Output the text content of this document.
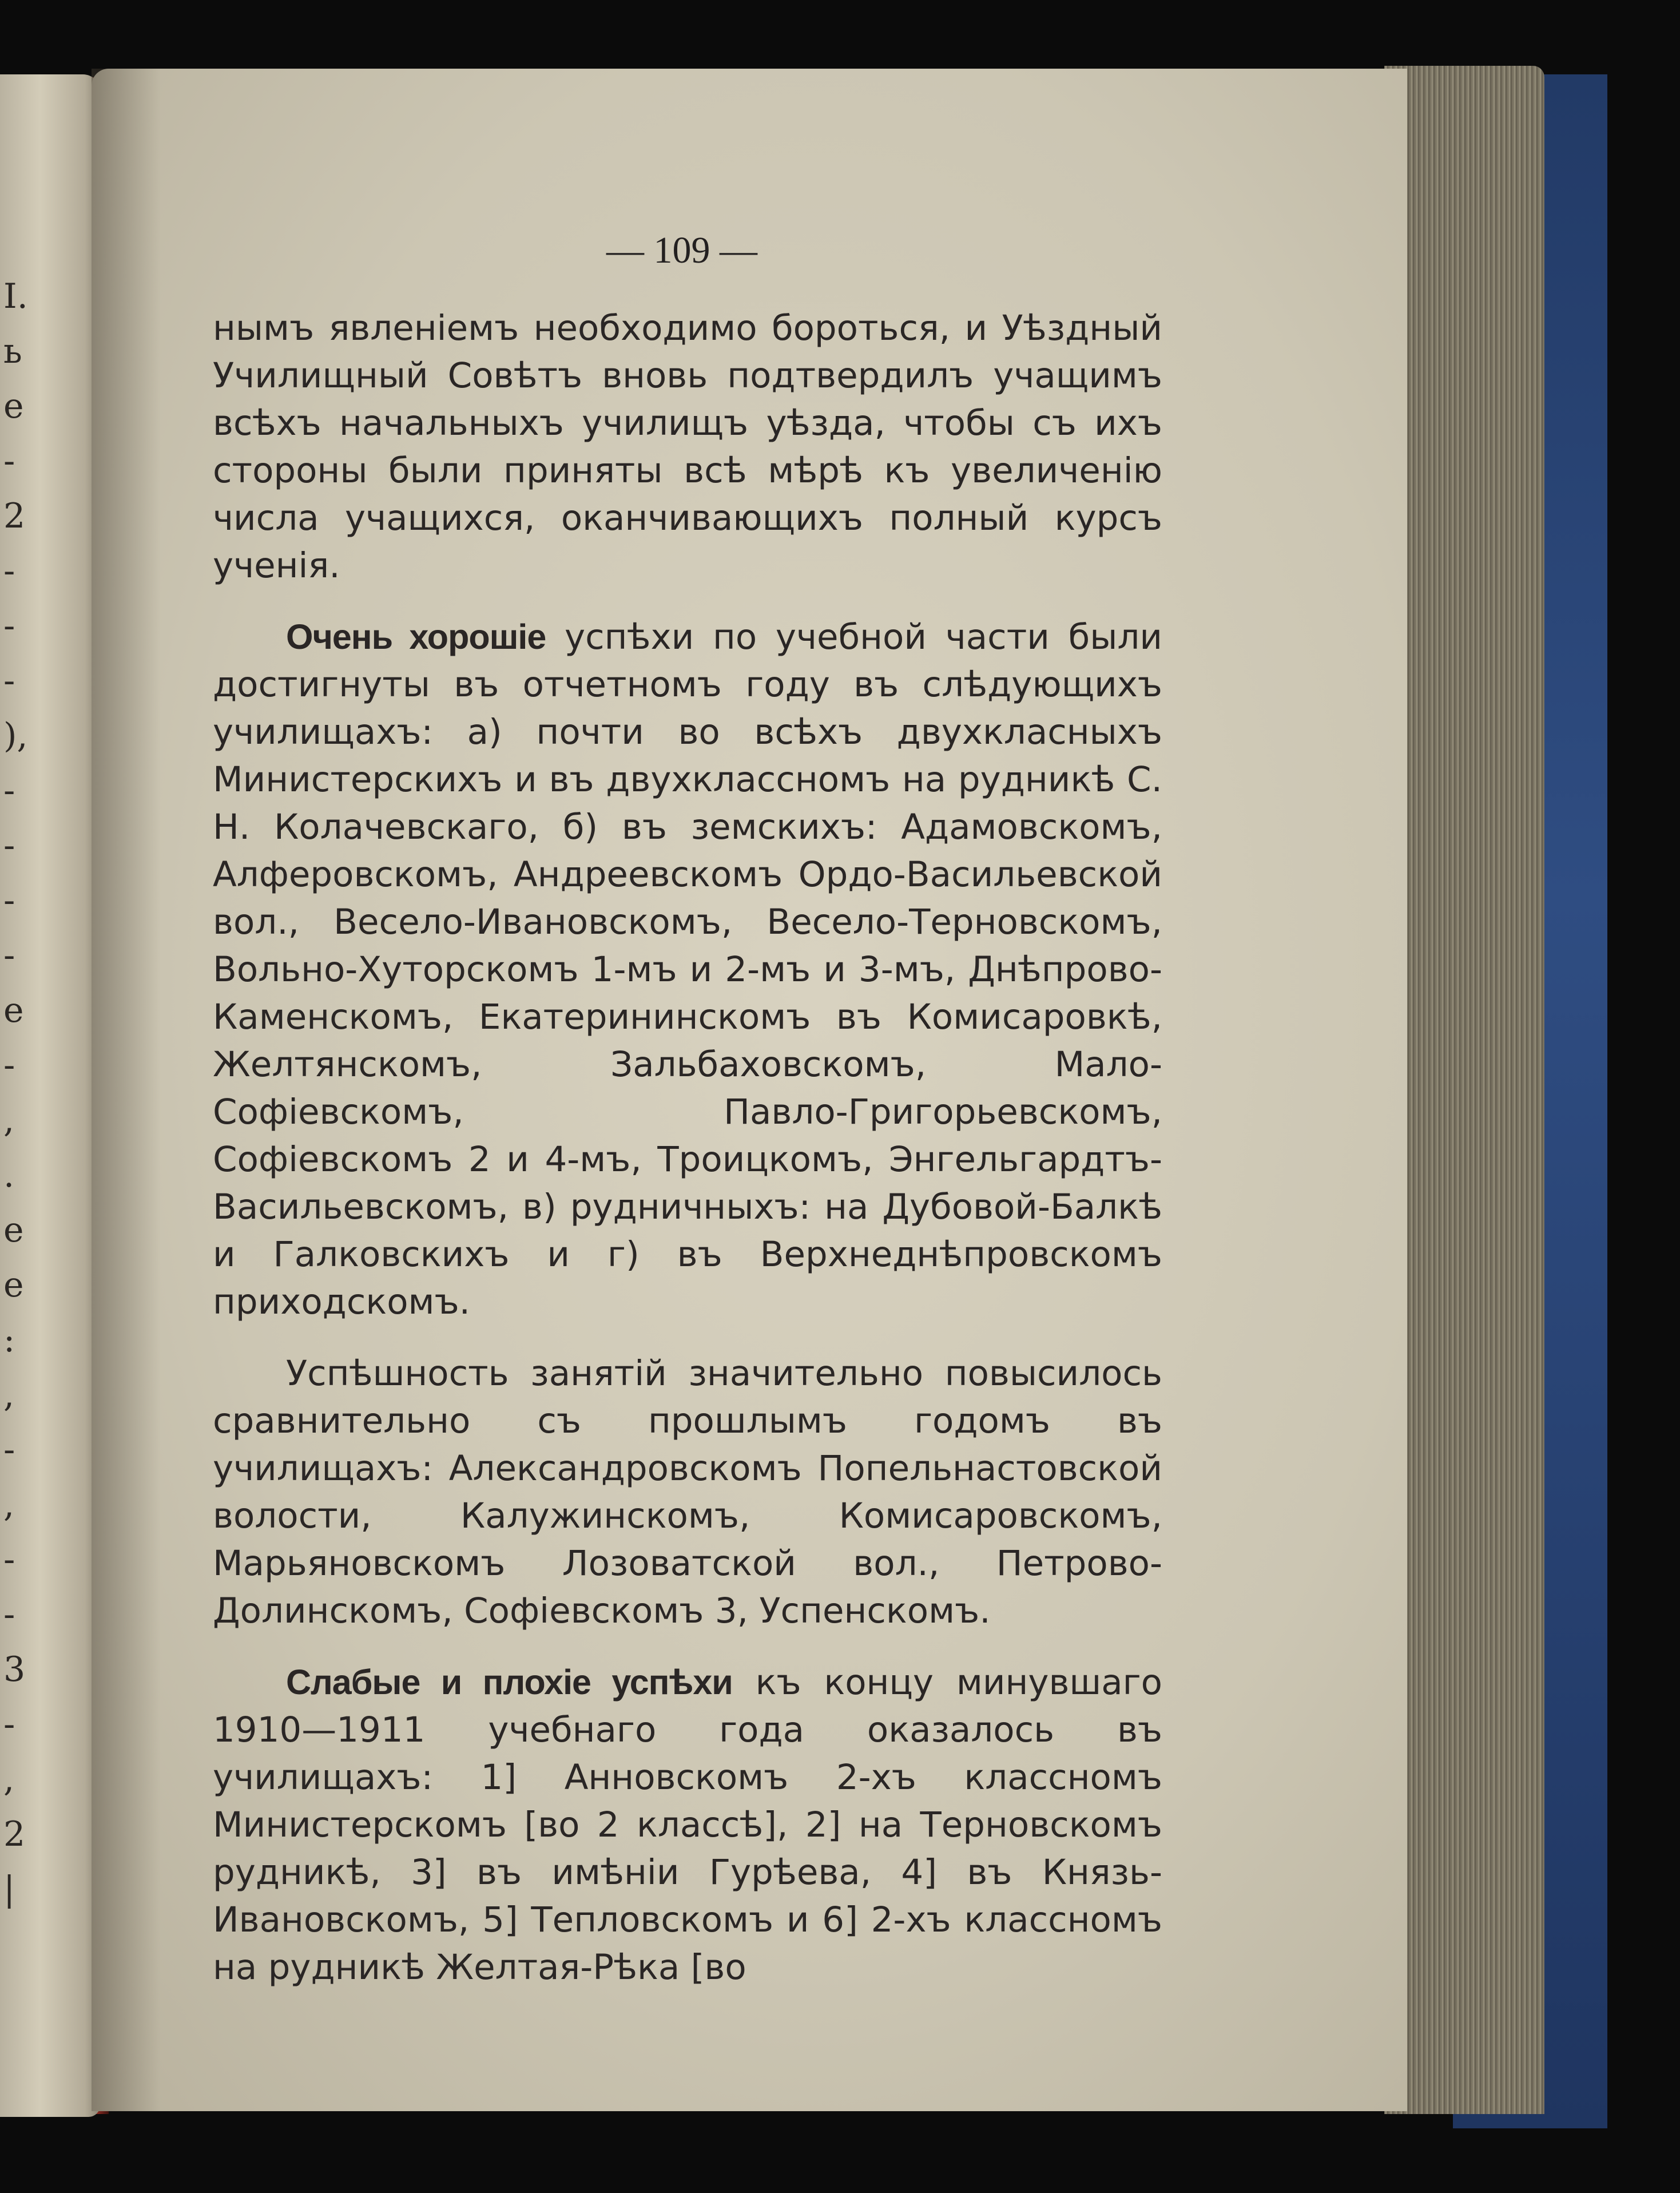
I.
ь
е
-
2
-
-
-
),
-
-
-
-
е
-
,
.
е
е
:
,
-
,
-
-
3
-
,
2
|
— 109 —

нымъ явленіемъ необходимо бороться, и Уѣздный Училищный Совѣтъ вновь подтвердилъ учащимъ всѣхъ начальныхъ училищъ уѣзда, чтобы съ ихъ стороны были приняты всѣ мѣрѣ къ увеличенію числа учащихся, оканчивающихъ полный курсъ ученія.

Очень хорошіе успѣхи по учебной части были достигнуты въ отчетномъ году въ слѣдующихъ училищахъ: а) почти во всѣхъ двухкласныхъ Министерскихъ и въ двухклассномъ на рудникѣ С. Н. Колачевскаго, б) въ земскихъ: Адамовскомъ, Алферовскомъ, Андреевскомъ Ордо-Васильевской вол., Весело-Ивановскомъ, Весело-Терновскомъ, Вольно-Хуторскомъ 1-мъ и 2-мъ и 3-мъ, Днѣпрово-Каменскомъ, Екатерининскомъ въ Комисаровкѣ, Желтянскомъ, Зальбаховскомъ, Мало-Софіевскомъ, Павло-Григорьевскомъ, Софіевскомъ 2 и 4-мъ, Троицкомъ, Энгельгардтъ-Васильевскомъ, в) рудничныхъ: на Дубовой-Балкѣ и Галковскихъ и г) въ Верхнеднѣпровскомъ приходскомъ.

Успѣшность занятій значительно повысилось сравнительно съ прошлымъ годомъ въ училищахъ: Александровскомъ Попельнастовской волости, Калужинскомъ, Комисаровскомъ, Марьяновскомъ Лозоватской вол., Петрово-Долинскомъ, Софіевскомъ 3, Успенскомъ.

Слабые и плохіе успѣхи къ концу минувшаго 1910—1911 учебнаго года оказалось въ училищахъ: 1] Анновскомъ 2-хъ классномъ Министерскомъ [во 2 классѣ], 2] на Терновскомъ рудникѣ, 3] въ имѣніи Гурѣева, 4] въ Князь-Ивановскомъ, 5] Тепловскомъ и 6] 2-хъ классномъ на рудникѣ Желтая-Рѣка [во
